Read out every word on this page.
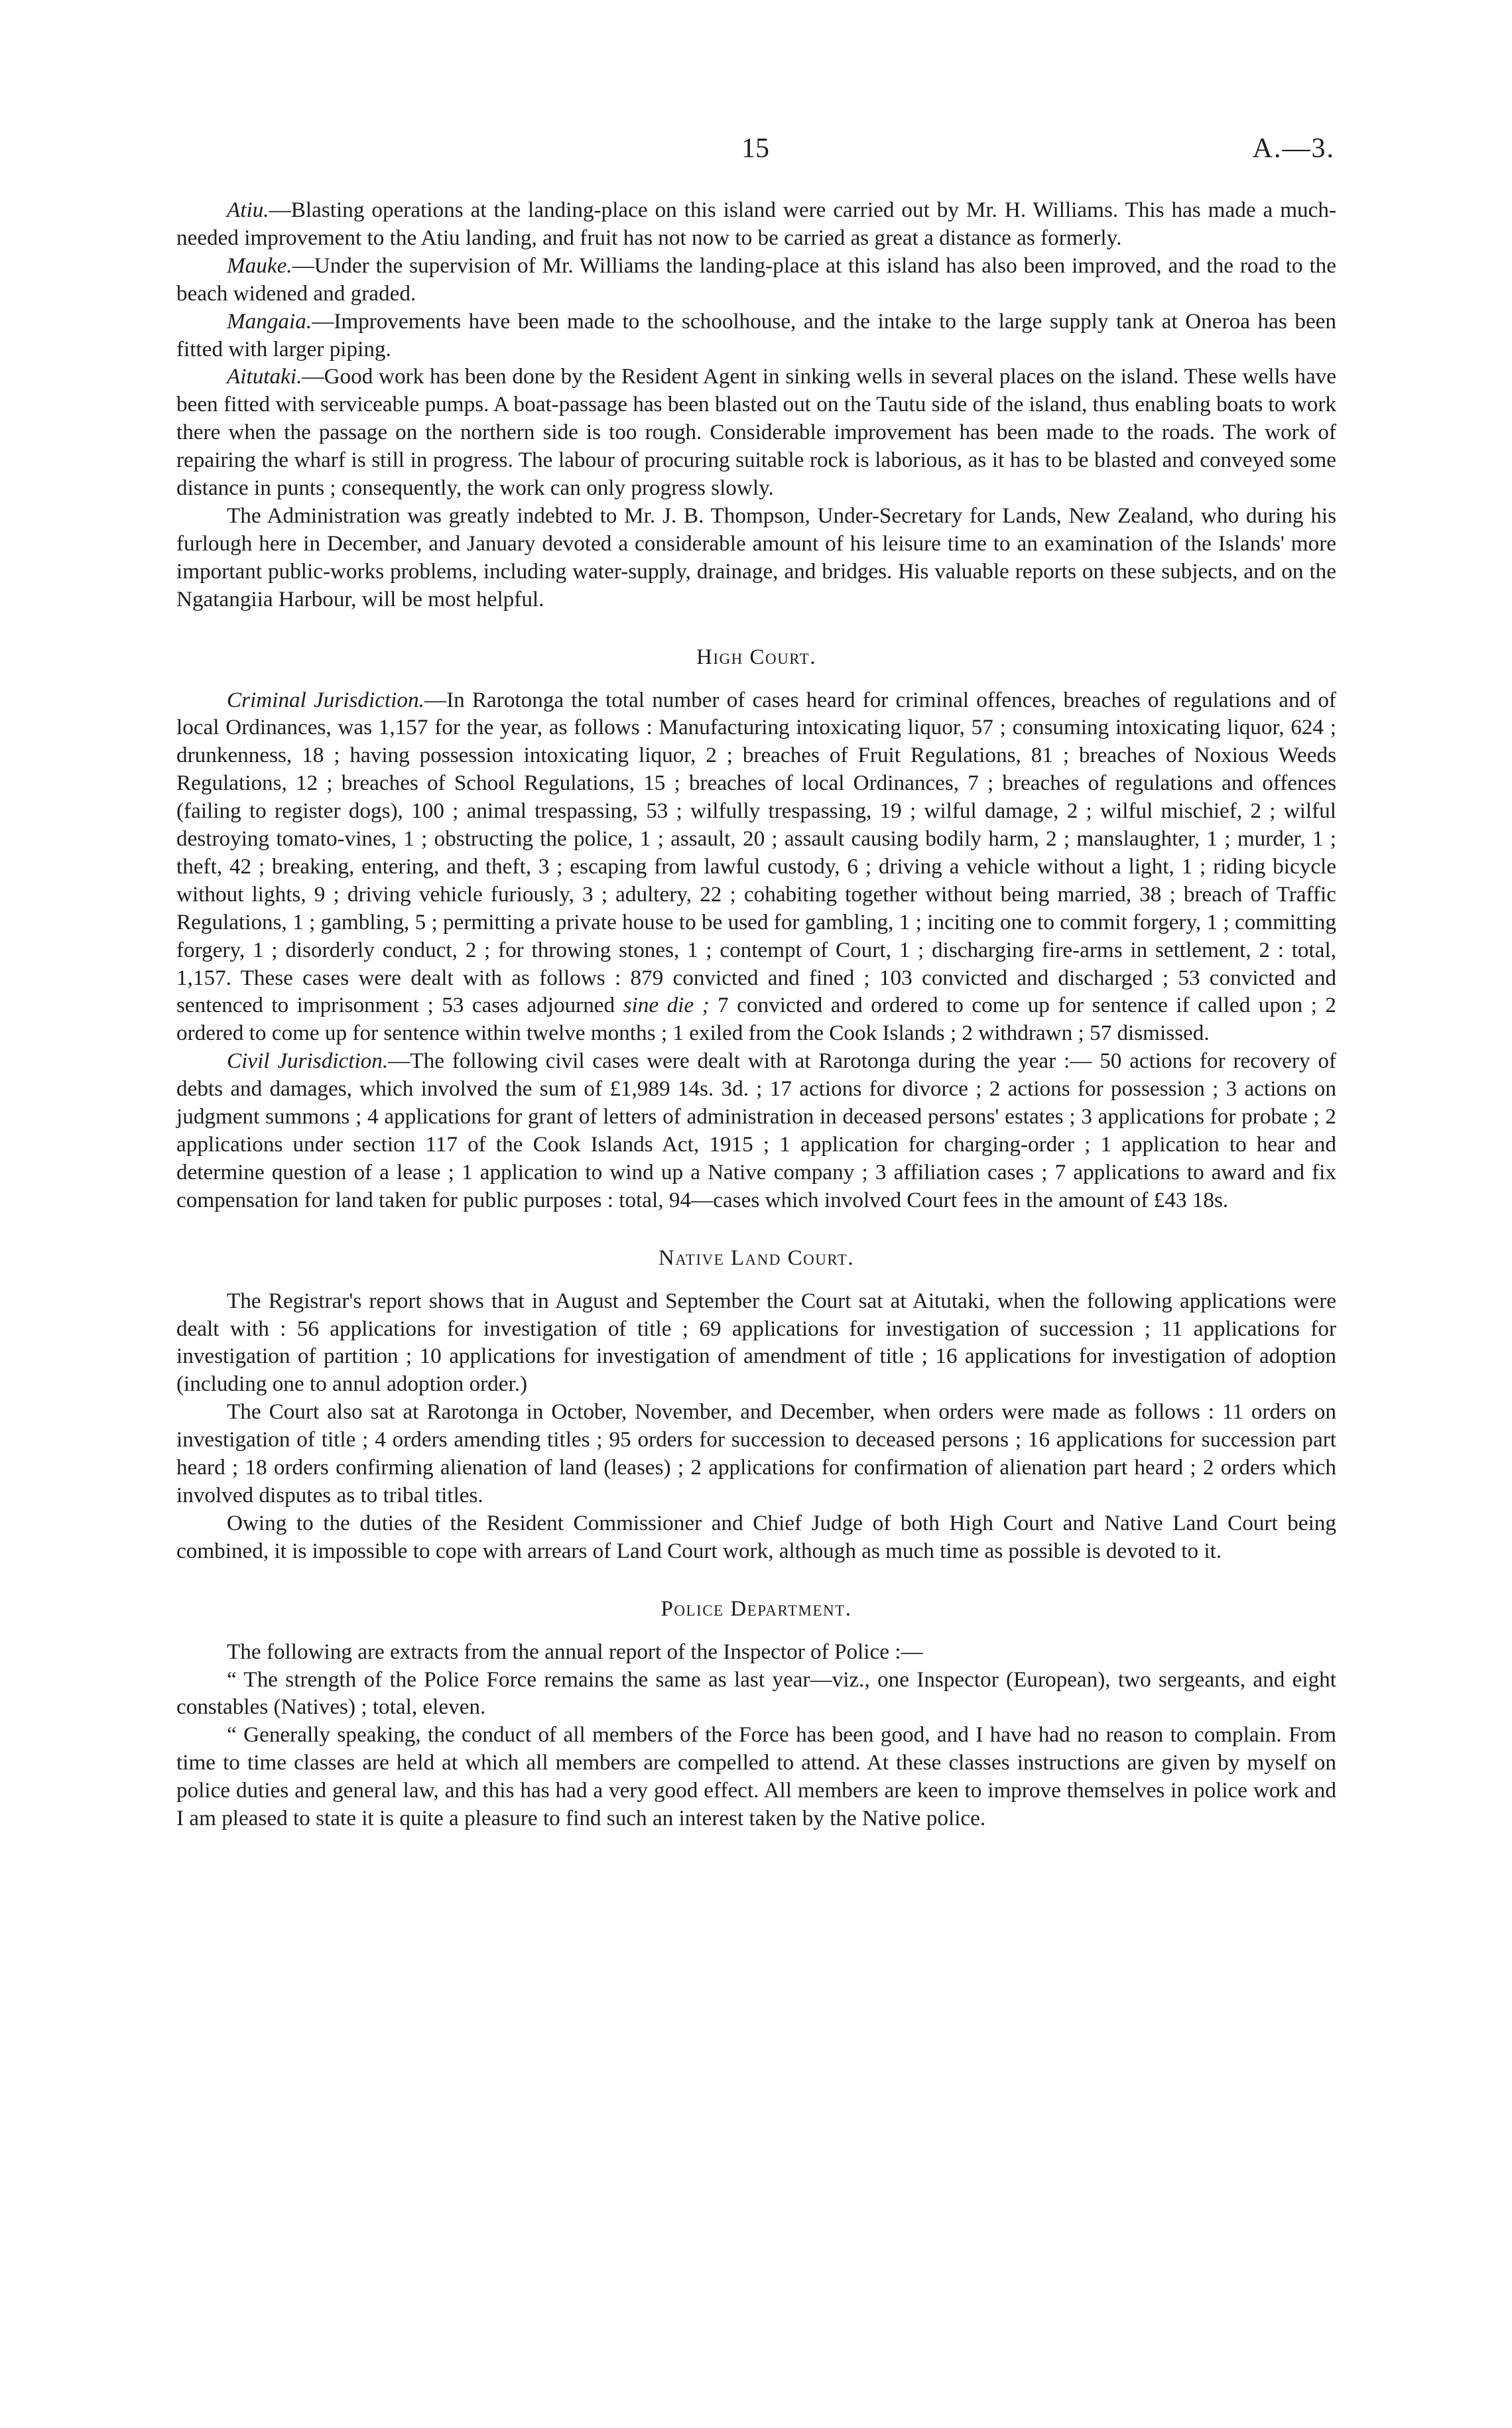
15	A.—3.

Atiu.—Blasting operations at the landing-place on this island were carried out by Mr. H. Williams. This has made a much-needed improvement to the Atiu landing, and fruit has not now to be carried as great a distance as formerly.

Mauke.—Under the supervision of Mr. Williams the landing-place at this island has also been improved, and the road to the beach widened and graded.

Mangaia.—Improvements have been made to the schoolhouse, and the intake to the large supply tank at Oneroa has been fitted with larger piping.

Aitutaki.—Good work has been done by the Resident Agent in sinking wells in several places on the island. These wells have been fitted with serviceable pumps. A boat-passage has been blasted out on the Tautu side of the island, thus enabling boats to work there when the passage on the northern side is too rough. Considerable improvement has been made to the roads. The work of repairing the wharf is still in progress. The labour of procuring suitable rock is laborious, as it has to be blasted and conveyed some distance in punts ; consequently, the work can only progress slowly.

The Administration was greatly indebted to Mr. J. B. Thompson, Under-Secretary for Lands, New Zealand, who during his furlough here in December, and January devoted a considerable amount of his leisure time to an examination of the Islands' more important public-works problems, including water-supply, drainage, and bridges. His valuable reports on these subjects, and on the Ngatangiia Harbour, will be most helpful.

High Court.

Criminal Jurisdiction.—In Rarotonga the total number of cases heard for criminal offences, breaches of regulations and of local Ordinances, was 1,157 for the year, as follows : Manufacturing intoxicating liquor, 57 ; consuming intoxicating liquor, 624 ; drunkenness, 18 ; having possession intoxicating liquor, 2 ; breaches of Fruit Regulations, 81 ; breaches of Noxious Weeds Regulations, 12 ; breaches of School Regulations, 15 ; breaches of local Ordinances, 7 ; breaches of regulations and offences (failing to register dogs), 100 ; animal trespassing, 53 ; wilfully trespassing, 19 ; wilful damage, 2 ; wilful mischief, 2 ; wilful destroying tomato-vines, 1 ; obstructing the police, 1 ; assault, 20 ; assault causing bodily harm, 2 ; manslaughter, 1 ; murder, 1 ; theft, 42 ; breaking, entering, and theft, 3 ; escaping from lawful custody, 6 ; driving a vehicle without a light, 1 ; riding bicycle without lights, 9 ; driving vehicle furiously, 3 ; adultery, 22 ; cohabiting together without being married, 38 ; breach of Traffic Regulations, 1 ; gambling, 5 ; permitting a private house to be used for gambling, 1 ; inciting one to commit forgery, 1 ; committing forgery, 1 ; disorderly conduct, 2 ; for throwing stones, 1 ; contempt of Court, 1 ; discharging fire-arms in settlement, 2 : total, 1,157. These cases were dealt with as follows : 879 convicted and fined ; 103 convicted and discharged ; 53 convicted and sentenced to imprisonment ; 53 cases adjourned sine die ; 7 convicted and ordered to come up for sentence if called upon ; 2 ordered to come up for sentence within twelve months ; 1 exiled from the Cook Islands ; 2 withdrawn ; 57 dismissed.

Civil Jurisdiction.—The following civil cases were dealt with at Rarotonga during the year :— 50 actions for recovery of debts and damages, which involved the sum of £1,989 14s. 3d. ; 17 actions for divorce ; 2 actions for possession ; 3 actions on judgment summons ; 4 applications for grant of letters of administration in deceased persons' estates ; 3 applications for probate ; 2 applications under section 117 of the Cook Islands Act, 1915 ; 1 application for charging-order ; 1 application to hear and determine question of a lease ; 1 application to wind up a Native company ; 3 affiliation cases ; 7 applications to award and fix compensation for land taken for public purposes : total, 94—cases which involved Court fees in the amount of £43 18s.

Native Land Court.

The Registrar's report shows that in August and September the Court sat at Aitutaki, when the following applications were dealt with : 56 applications for investigation of title ; 69 applications for investigation of succession ; 11 applications for investigation of partition ; 10 applications for investigation of amendment of title ; 16 applications for investigation of adoption (including one to annul adoption order.)

The Court also sat at Rarotonga in October, November, and December, when orders were made as follows : 11 orders on investigation of title ; 4 orders amending titles ; 95 orders for succession to deceased persons ; 16 applications for succession part heard ; 18 orders confirming alienation of land (leases) ; 2 applications for confirmation of alienation part heard ; 2 orders which involved disputes as to tribal titles.

Owing to the duties of the Resident Commissioner and Chief Judge of both High Court and Native Land Court being combined, it is impossible to cope with arrears of Land Court work, although as much time as possible is devoted to it.

Police Department.

The following are extracts from the annual report of the Inspector of Police :—

“ The strength of the Police Force remains the same as last year—viz., one Inspector (European), two sergeants, and eight constables (Natives) ; total, eleven.

“ Generally speaking, the conduct of all members of the Force has been good, and I have had no reason to complain. From time to time classes are held at which all members are compelled to attend. At these classes instructions are given by myself on police duties and general law, and this has had a very good effect. All members are keen to improve themselves in police work and I am pleased to state it is quite a pleasure to find such an interest taken by the Native police.
